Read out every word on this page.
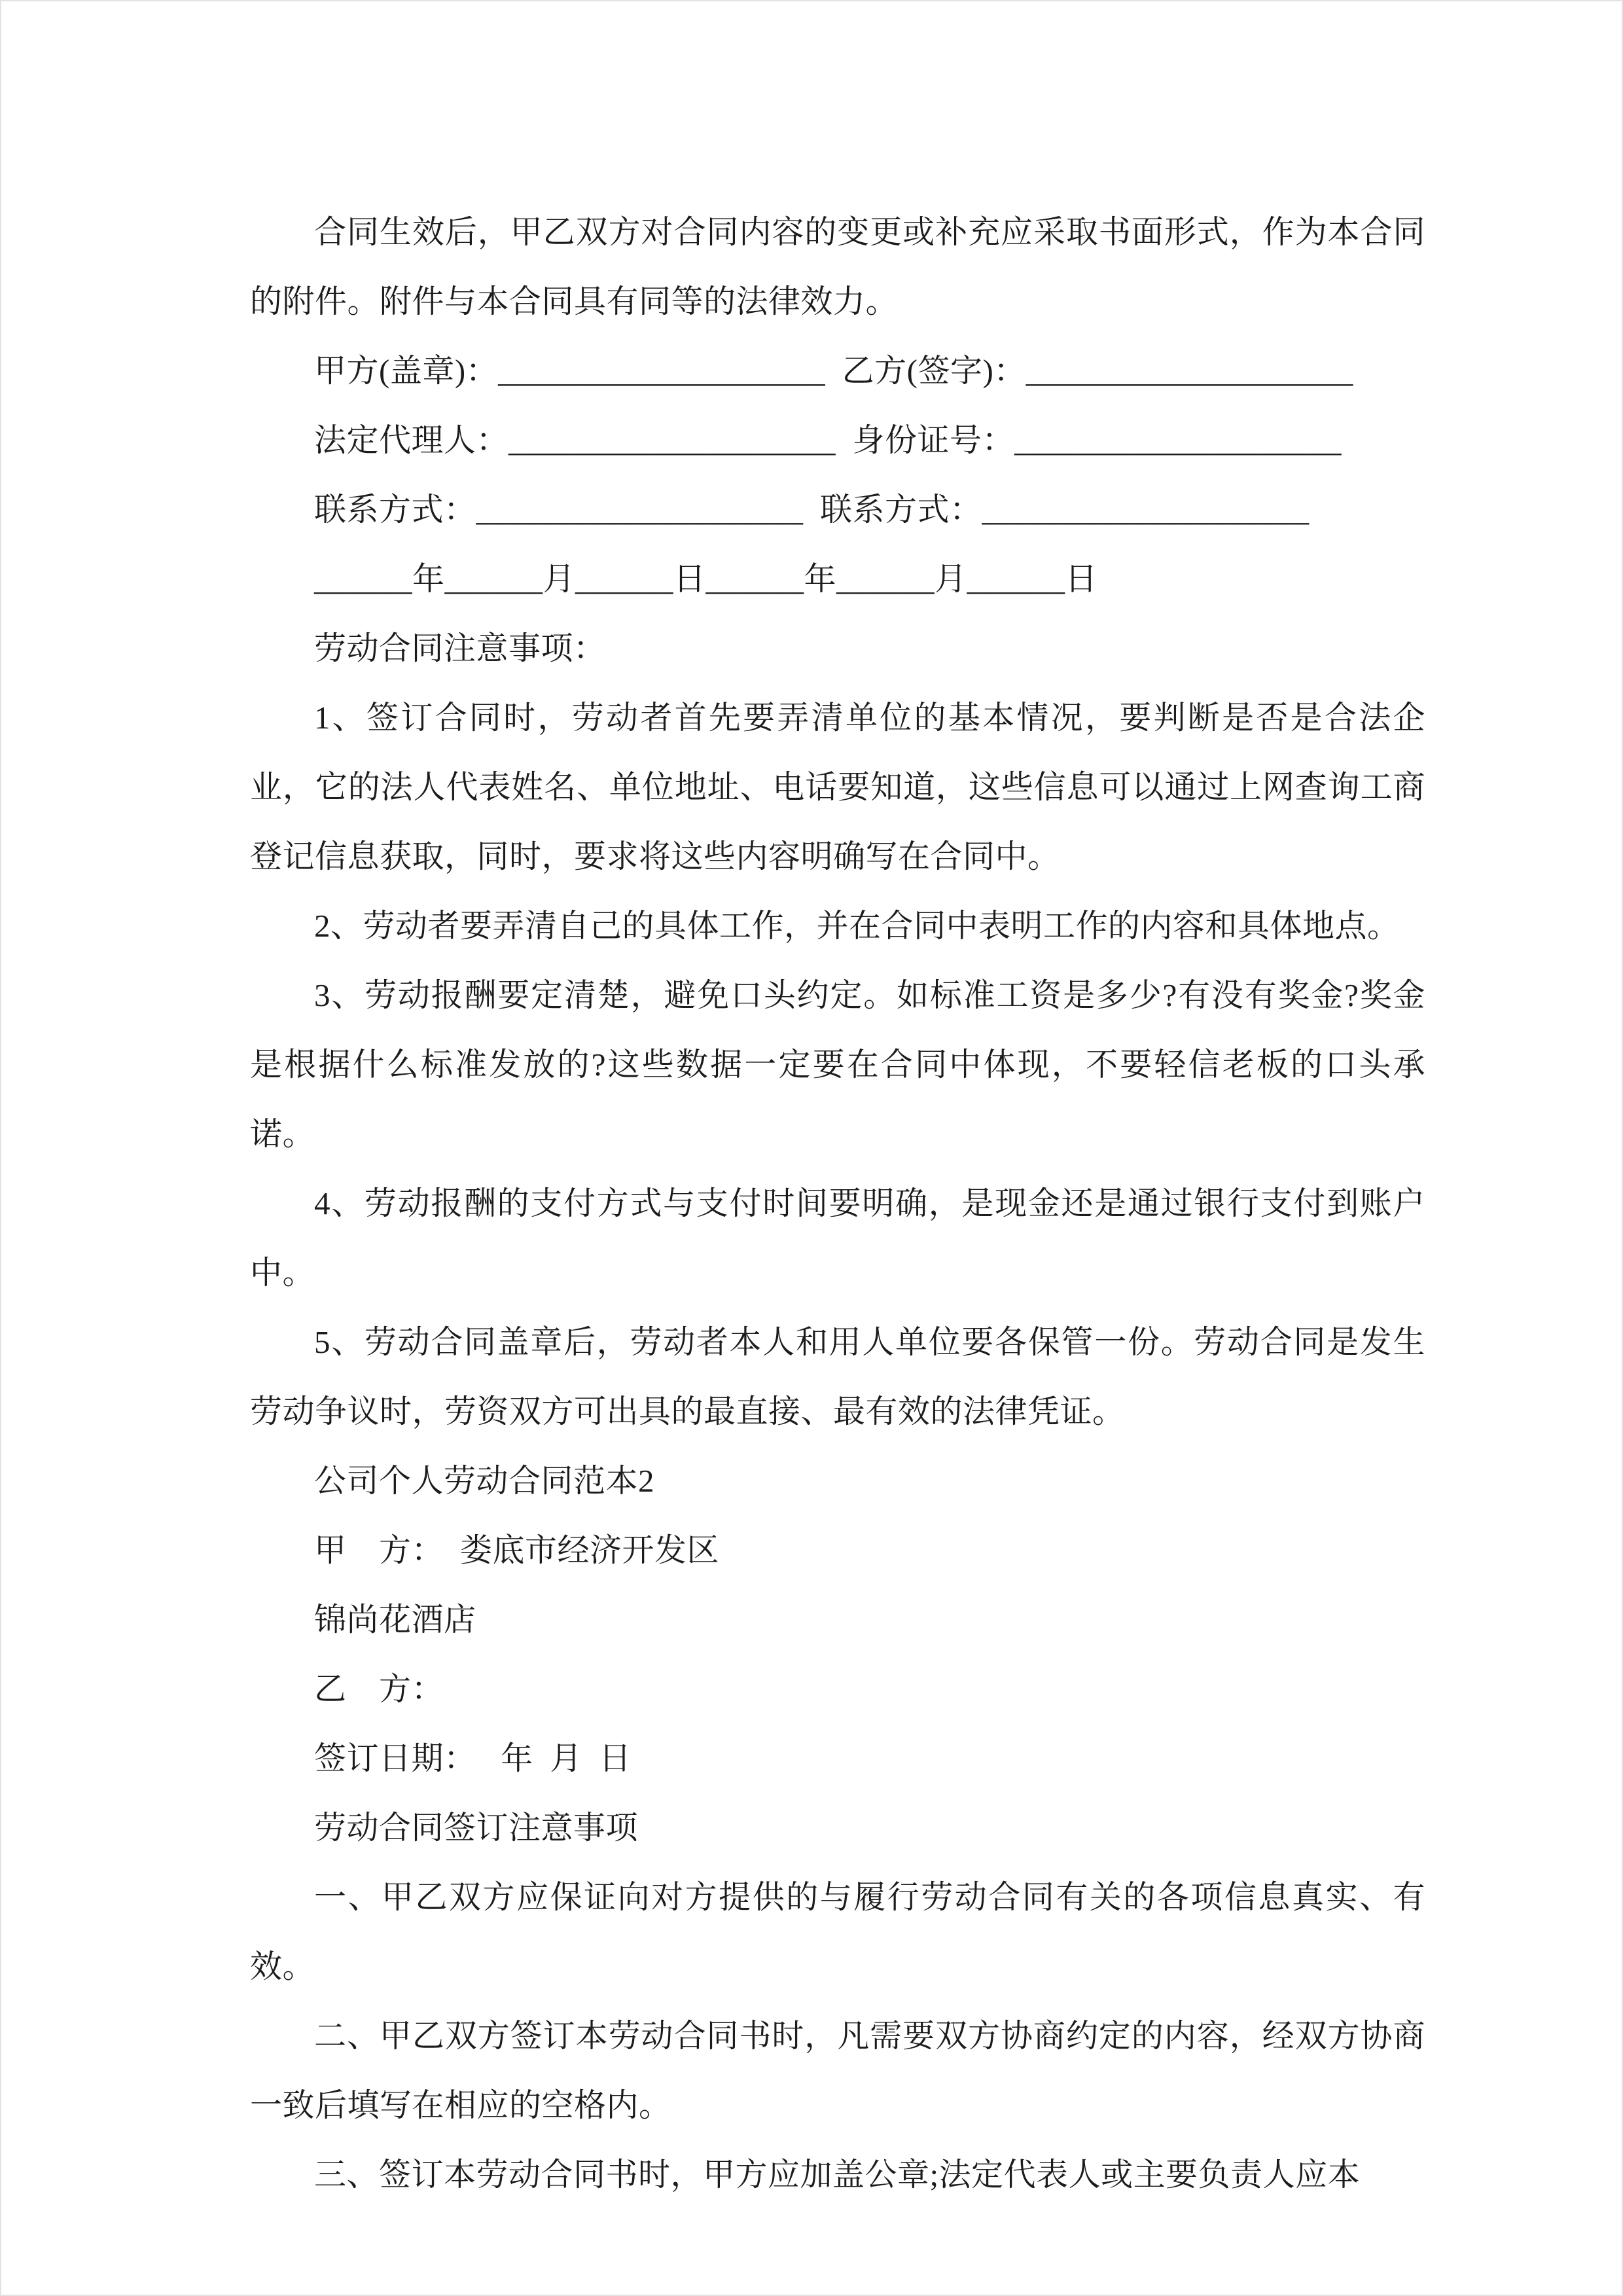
合同生效后，甲乙双方对合同内容的变更或补充应采取书面形式，作为本合同的附件。附件与本合同具有同等的法律效力。

甲方(盖章)：____________________  乙方(签字)：____________________

法定代理人：____________________  身份证号：____________________

联系方式：____________________  联系方式：____________________

______年______月______日______年______月______日

劳动合同注意事项：

1、签订合同时，劳动者首先要弄清单位的基本情况，要判断是否是合法企业，它的法人代表姓名、单位地址、电话要知道，这些信息可以通过上网查询工商登记信息获取，同时，要求将这些内容明确写在合同中。

2、劳动者要弄清自己的具体工作，并在合同中表明工作的内容和具体地点。

3、劳动报酬要定清楚，避免口头约定。如标准工资是多少?有没有奖金?奖金是根据什么标准发放的?这些数据一定要在合同中体现，不要轻信老板的口头承诺。

4、劳动报酬的支付方式与支付时间要明确，是现金还是通过银行支付到账户中。

5、劳动合同盖章后，劳动者本人和用人单位要各保管一份。劳动合同是发生劳动争议时，劳资双方可出具的最直接、最有效的法律凭证。

公司个人劳动合同范本2

甲　方：　娄底市经济开发区

锦尚花酒店

乙　方：

签订日期：　 年  月  日

劳动合同签订注意事项

一、甲乙双方应保证向对方提供的与履行劳动合同有关的各项信息真实、有效。

二、甲乙双方签订本劳动合同书时，凡需要双方协商约定的内容，经双方协商一致后填写在相应的空格内。

三、签订本劳动合同书时，甲方应加盖公章;法定代表人或主要负责人应本
